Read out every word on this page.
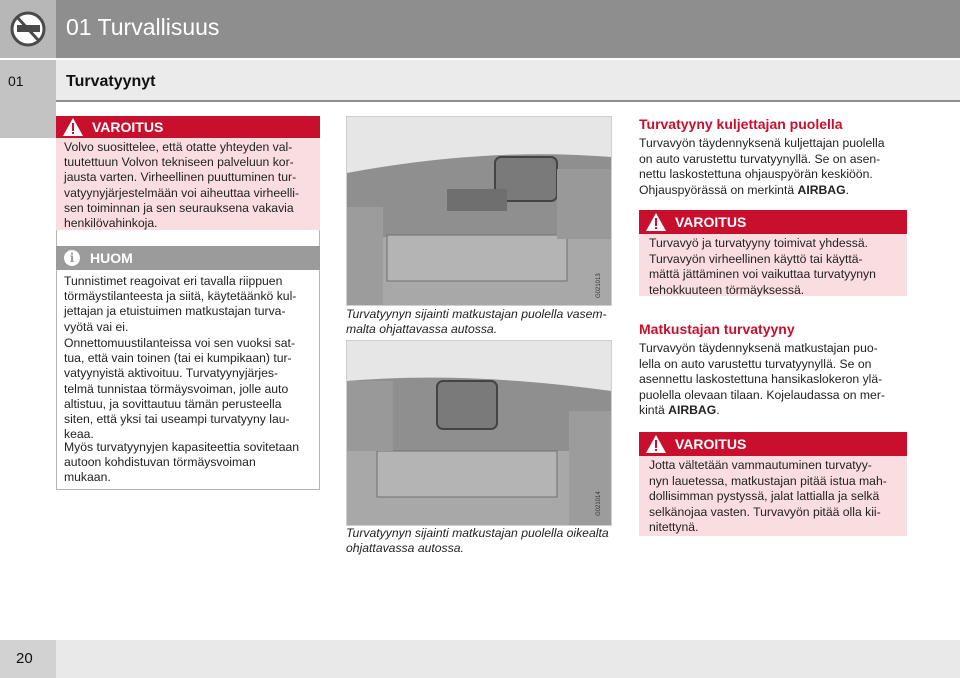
01 Turvallisuus
01	Turvatyynyt
VAROITUS
Volvo suosittelee, että otatte yhteyden val-
tuutettuun Volvon tekniseen palveluun kor-
jausta varten. Virheellinen puuttuminen tur-
vatyynyjärjestelmään voi aiheuttaa virheelli-
sen toiminnan ja sen seurauksena vakavia
henkilövahinkoja.
i	HUOM
Tunnistimet reagoivat eri tavalla riippuen
törmäystilanteesta ja siitä, käytetäänkö kul-
jettajan ja etuistuimen matkustajan turva-
vyötä vai ei.
Onnettomuustilanteissa voi sen vuoksi sat-
tua, että vain toinen (tai ei kumpikaan) tur-
vatyynyistä aktivoituu. Turvatyynyjärjes-
telmä tunnistaa törmäysvoiman, jolle auto
altistuu, ja sovittautuu tämän perusteella
siten, että yksi tai useampi turvatyyny lau-
keaa.
Myös turvatyynyjen kapasiteettia sovitetaan
autoon kohdistuvan törmäysvoiman
mukaan.
G021013
Turvatyynyn sijainti matkustajan puolella vasem-
malta ohjattavassa autossa.
G021014
Turvatyynyn sijainti matkustajan puolella oikealta
ohjattavassa autossa.
Turvatyyny kuljettajan puolella
Turvavyön täydennyksenä kuljettajan puolella
on auto varustettu turvatyynyllä. Se on asen-
nettu laskostettuna ohjauspyörän keskiöön.
Ohjauspyörässä on merkintä AIRBAG.
VAROITUS
Turvavyö ja turvatyyny toimivat yhdessä.
Turvavyön virheellinen käyttö tai käyttä-
mättä jättäminen voi vaikuttaa turvatyynyn
tehokkuuteen törmäyksessä.
Matkustajan turvatyyny
Turvavyön täydennyksenä matkustajan puo-
lella on auto varustettu turvatyynyllä. Se on
asennettu laskostettuna hansikaslokeron ylä-
puolella olevaan tilaan. Kojelaudassa on mer-
kintä AIRBAG.
VAROITUS
Jotta vältetään vammautuminen turvatyy-
nyn lauetessa, matkustajan pitää istua mah-
dollisimman pystyssä, jalat lattialla ja selkä
selkänojaa vasten. Turvavyön pitää olla kii-
nitettynä.
20
